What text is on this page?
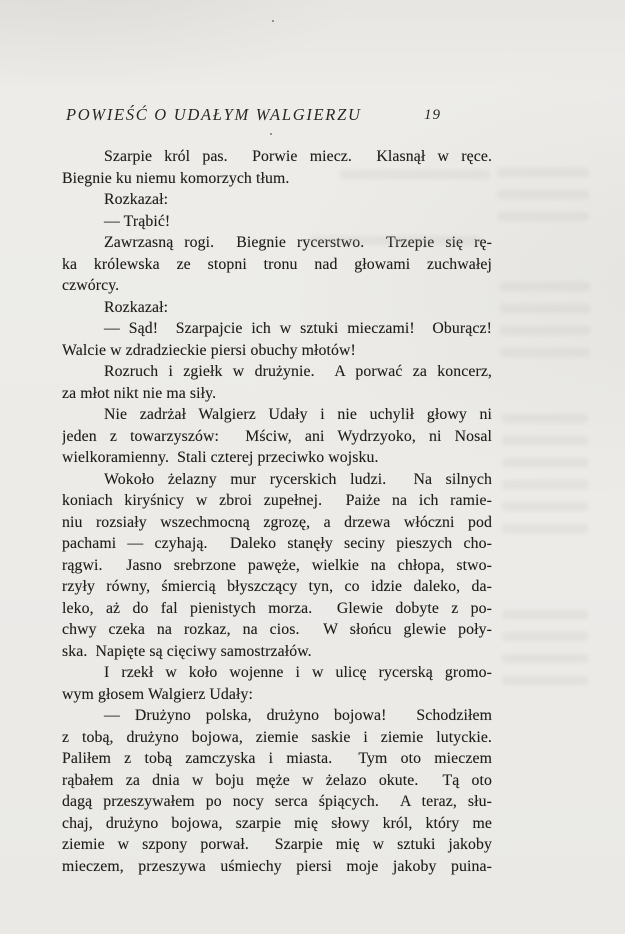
POWIEŚĆ O UDAŁYM WALGIERZU	19
Szarpie król pas.  Porwie miecz.  Klasnął w ręce.
Biegnie ku niemu komorzych tłum.
Rozkazał:
— Trąbić!
Zawrzasną rogi.  Biegnie rycerstwo.  Trzepie się rę-
ka królewska ze stopni tronu nad głowami zuchwałej
czwórcy.
Rozkazał:
— Sąd!  Szarpajcie ich w sztuki mieczami!  Oburącz!
Walcie w zdradzieckie piersi obuchy młotów!
Rozruch i zgiełk w drużynie.  A porwać za koncerz,
za młot nikt nie ma siły.
Nie zadrżał Walgierz Udały i nie uchylił głowy ni
jeden z towarzyszów:  Mściw, ani Wydrzyoko, ni Nosal
wielkoramienny.  Stali czterej przeciwko wojsku.
Wokoło żelazny mur rycerskich ludzi.  Na silnych
koniach kiryśnicy w zbroi zupełnej.  Paiże na ich ramie-
niu rozsiały wszechmocną zgrozę, a drzewa włóczni pod
pachami — czyhają.  Daleko stanęły seciny pieszych cho-
rągwi.  Jasno srebrzone pawęże, wielkie na chłopa, stwo-
rzyły równy, śmiercią błyszczący tyn, co idzie daleko, da-
leko, aż do fal pienistych morza.  Glewie dobyte z po-
chwy czeka na rozkaz, na cios.  W słońcu glewie poły-
ska.  Napięte są cięciwy samostrzałów.
I rzekł w koło wojenne i w ulicę rycerską gromo-
wym głosem Walgierz Udały:
— Drużyno polska, drużyno bojowa!  Schodziłem
z tobą, drużyno bojowa, ziemie saskie i ziemie lutyckie.
Paliłem z tobą zamczyska i miasta.  Tym oto mieczem
rąbałem za dnia w boju męże w żelazo okute.  Tą oto
dagą przeszywałem po nocy serca śpiących.  A teraz, słu-
chaj, drużyno bojowa, szarpie mię słowy król, który me
ziemie w szpony porwał.  Szarpie mię w sztuki jakoby
mieczem, przeszywa uśmiechy piersi moje jakoby puina-
